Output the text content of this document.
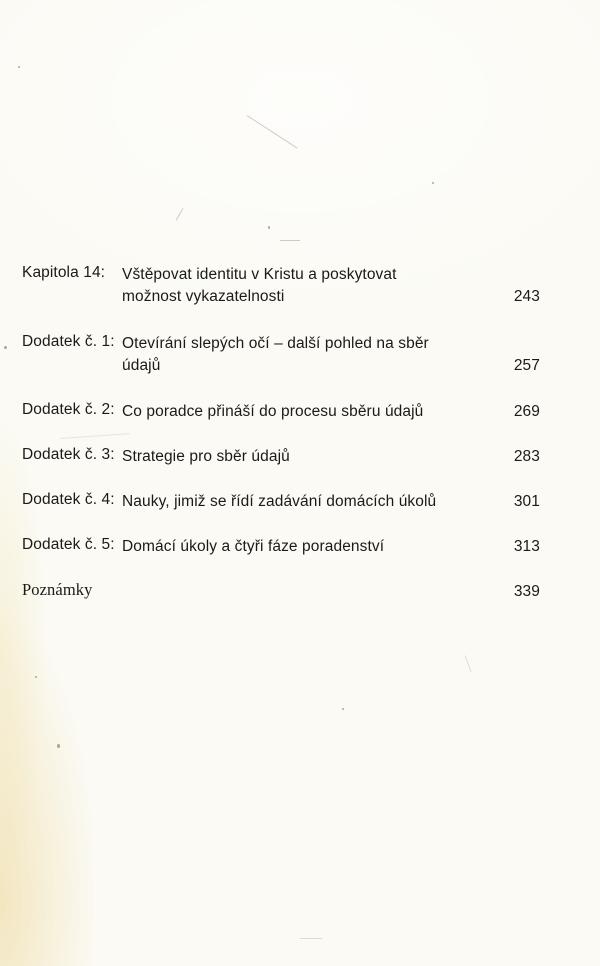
Kapitola 14: Vštěpovat identitu v Kristu a poskytovat
možnost vykazatelnosti	243
Dodatek č. 1: Otevírání slepých očí – další pohled na sběr
údajů	257
Dodatek č. 2: Co poradce přináší do procesu sběru údajů	269
Dodatek č. 3: Strategie pro sběr údajů	283
Dodatek č. 4: Nauky, jimiž se řídí zadávání domácích úkolů	301
Dodatek č. 5: Domácí úkoly a čtyři fáze poradenství	313
Poznámky	339
